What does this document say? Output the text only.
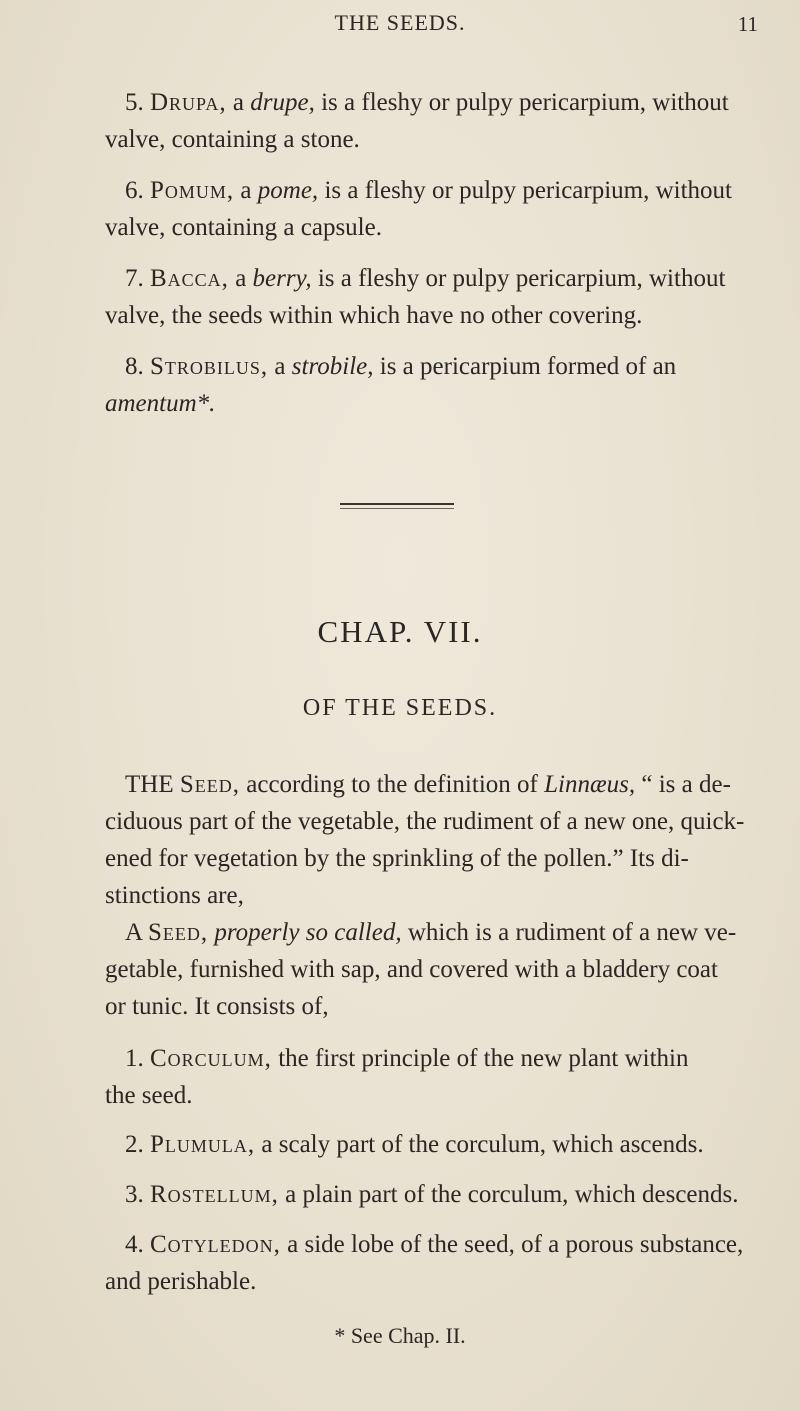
THE SEEDS.	11

5. Drupa, a drupe, is a fleshy or pulpy pericarpium, without
valve, containing a stone.

6. Pomum, a pome, is a fleshy or pulpy pericarpium, without
valve, containing a capsule.

7. Bacca, a berry, is a fleshy or pulpy pericarpium, without
valve, the seeds within which have no other covering.

8. Strobilus, a strobile, is a pericarpium formed of an
amentum*.

CHAP. VII.
OF THE SEEDS.

THE Seed, according to the definition of Linnæus, “ is a de-
ciduous part of the vegetable, the rudiment of a new one, quick-
ened for vegetation by the sprinkling of the pollen.” Its di-
stinctions are,

A Seed, properly so called, which is a rudiment of a new ve-
getable, furnished with sap, and covered with a bladdery coat
or tunic. It consists of,

1. Corculum, the first principle of the new plant within
the seed.

2. Plumula, a scaly part of the corculum, which ascends.

3. Rostellum, a plain part of the corculum, which descends.

4. Cotyledon, a side lobe of the seed, of a porous substance,
and perishable.

* See Chap. II.
